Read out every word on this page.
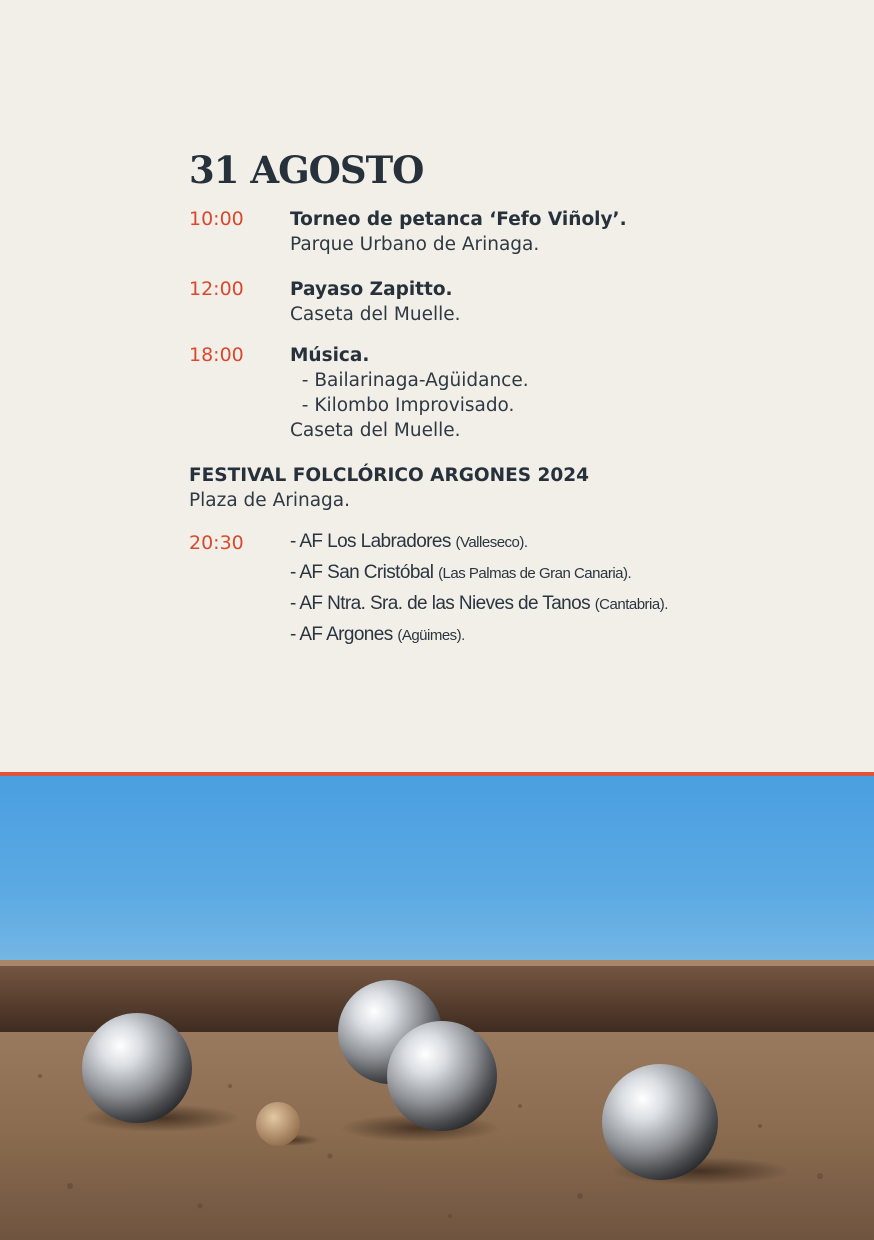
31 AGOSTO
10:00 Torneo de petanca ‘Fefo Viñoly’.
Parque Urbano de Arinaga.
12:00 Payaso Zapitto.
Caseta del Muelle.
18:00 Música.
- Bailarinaga-Agüidance.
- Kilombo Improvisado.
Caseta del Muelle.
FESTIVAL FOLCLÓRICO ARGONES 2024
Plaza de Arinaga.
20:30 - AF Los Labradores (Valleseco).
- AF San Cristóbal (Las Palmas de Gran Canaria).
- AF Ntra. Sra. de las Nieves de Tanos (Cantabria).
- AF Argones (Agüimes).
